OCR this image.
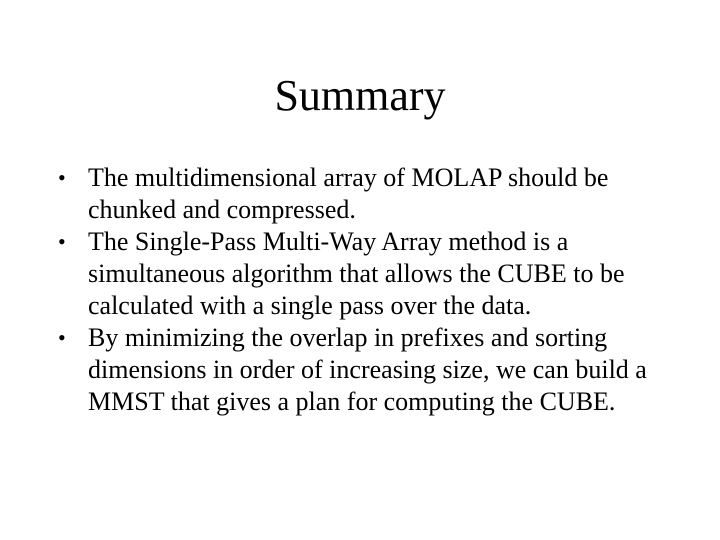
Summary
• The multidimensional array of MOLAP should be chunked and compressed.
• The Single-Pass Multi-Way Array method is a simultaneous algorithm that allows the CUBE to be calculated with a single pass over the data.
• By minimizing the overlap in prefixes and sorting dimensions in order of increasing size, we can build a MMST that gives a plan for computing the CUBE.
